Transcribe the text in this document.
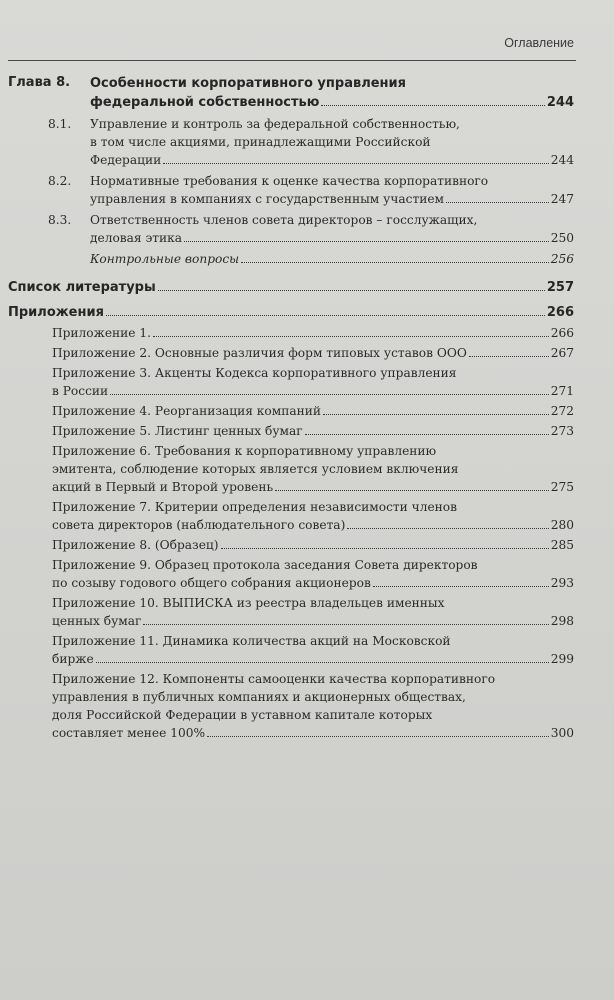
Оглавление
Глава 8. Особенности корпоративного управления
федеральной собственностью	244
8.1. Управление и контроль за федеральной собственностью,
в том числе акциями, принадлежащими Российской
Федерации	244
8.2. Нормативные требования к оценке качества корпоративного
управления в компаниях с государственным участием	247
8.3. Ответственность членов совета директоров – госслужащих,
деловая этика	250
Контрольные вопросы	256
Список литературы	257
Приложения	266
Приложение 1.	266
Приложение 2. Основные различия форм типовых уставов ООО	267
Приложение 3. Акценты Кодекса корпоративного управления
в России	271
Приложение 4. Реорганизация компаний	272
Приложение 5. Листинг ценных бумаг	273
Приложение 6. Требования к корпоративному управлению
эмитента, соблюдение которых является условием включения
акций в Первый и Второй уровень	275
Приложение 7. Критерии определения независимости членов
совета директоров (наблюдательного совета)	280
Приложение 8. (Образец)	285
Приложение 9. Образец протокола заседания Совета директоров
по созыву годового общего собрания акционеров	293
Приложение 10. ВЫПИСКА из реестра владельцев именных
ценных бумаг	298
Приложение 11. Динамика количества акций на Московской
бирже	299
Приложение 12. Компоненты самооценки качества корпоративного
управления в публичных компаниях и акционерных обществах,
доля Российской Федерации в уставном капитале которых
составляет менее 100%	300
